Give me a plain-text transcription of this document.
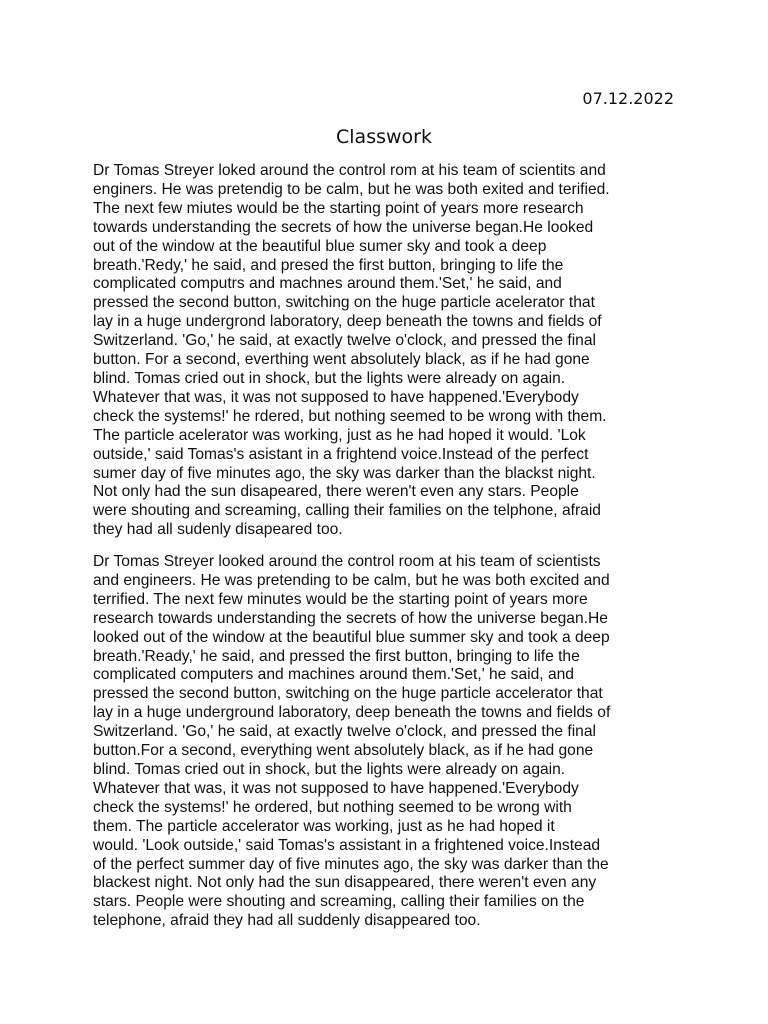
07.12.2022
Classwork

Dr Tomas Streyer loked around the control rom at his team of scientits and
enginers. He was pretendig to be calm, but he was both exited and terified.
The next few miutes would be the starting point of years more research
towards understanding the secrets of how the universe began.He looked
out of the window at the beautiful blue sumer sky and took a deep
breath.'Redy,' he said, and presed the first button, bringing to life the
complicated computrs and machnes around them.'Set,' he said, and
pressed the second button, switching on the huge particle acelerator that
lay in a huge undergrond laboratory, deep beneath the towns and fields of
Switzerland. 'Go,' he said, at exactly twelve o'clock, and pressed the final
button. For a second, everthing went absolutely black, as if he had gone
blind. Tomas cried out in shock, but the lights were already on again.
Whatever that was, it was not supposed to have happened.'Everybody
check the systems!' he rdered, but nothing seemed to be wrong with them.
The particle acelerator was working, just as he had hoped it would. 'Lok
outside,' said Tomas's asistant in a frightend voice.Instead of the perfect
sumer day of five minutes ago, the sky was darker than the blackst night.
Not only had the sun disapeared, there weren't even any stars. People
were shouting and screaming, calling their families on the telphone, afraid
they had all sudenly disapeared too.

Dr Tomas Streyer looked around the control room at his team of scientists
and engineers. He was pretending to be calm, but he was both excited and
terrified. The next few minutes would be the starting point of years more
research towards understanding the secrets of how the universe began.He
looked out of the window at the beautiful blue summer sky and took a deep
breath.'Ready,' he said, and pressed the first button, bringing to life the
complicated computers and machines around them.'Set,' he said, and
pressed the second button, switching on the huge particle accelerator that
lay in a huge underground laboratory, deep beneath the towns and fields of
Switzerland. 'Go,' he said, at exactly twelve o'clock, and pressed the final
button.For a second, everything went absolutely black, as if he had gone
blind. Tomas cried out in shock, but the lights were already on again.
Whatever that was, it was not supposed to have happened.'Everybody
check the systems!' he ordered, but nothing seemed to be wrong with
them. The particle accelerator was working, just as he had hoped it
would. 'Look outside,' said Tomas's assistant in a frightened voice.Instead
of the perfect summer day of five minutes ago, the sky was darker than the
blackest night. Not only had the sun disappeared, there weren't even any
stars. People were shouting and screaming, calling their families on the
telephone, afraid they had all suddenly disappeared too.
